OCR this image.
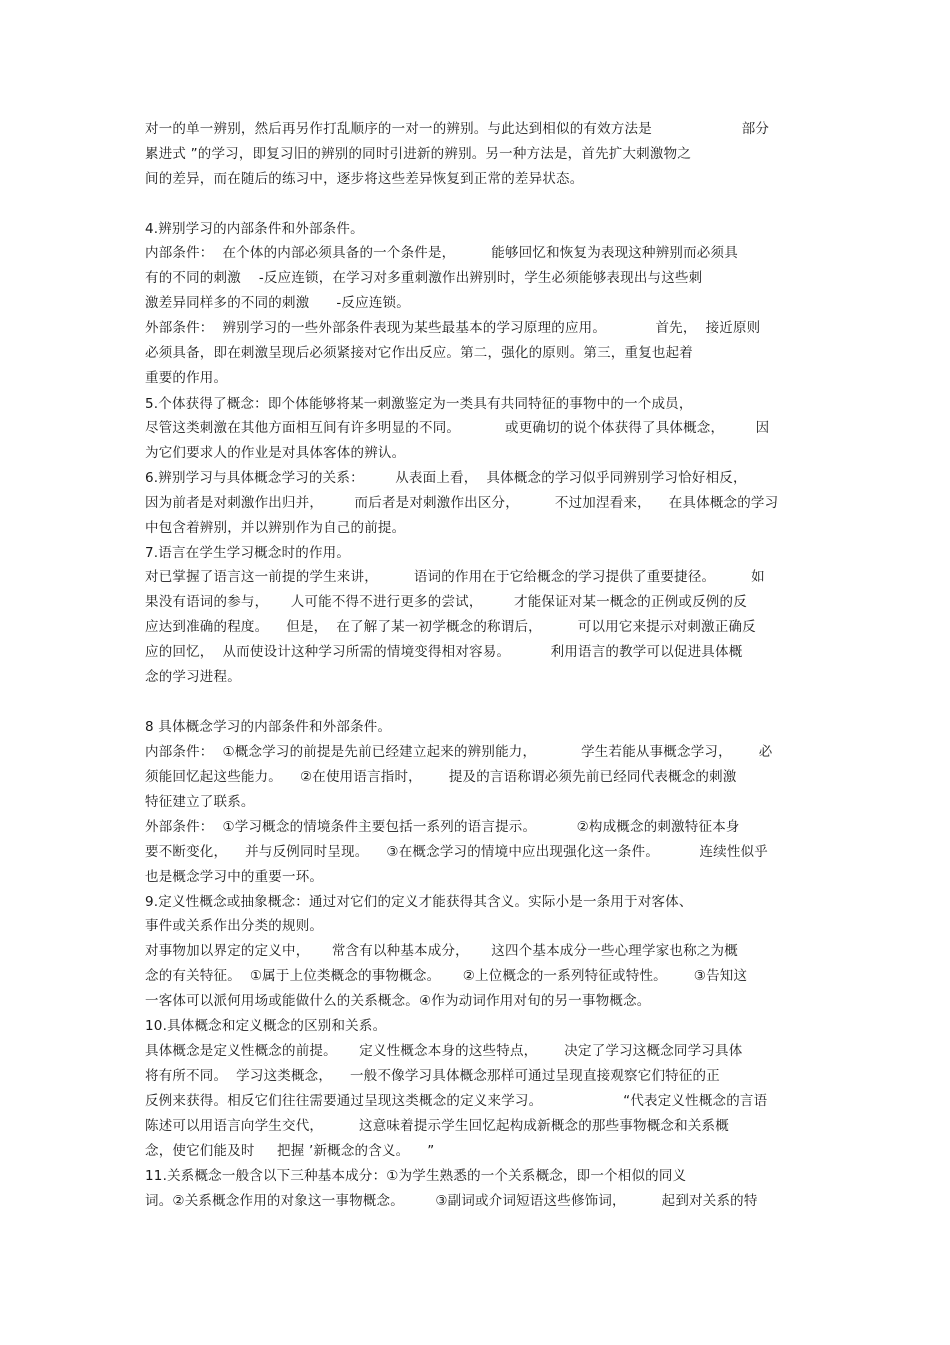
对一的单一辨别，然后再另作打乱顺序的一对一的辨别。与此达到相似的有效方法是                    部分
累进式 ”的学习，即复习旧的辨别的同时引进新的辨别。另一种方法是，首先扩大刺激物之
间的差异，而在随后的练习中，逐步将这些差异恢复到正常的差异状态。
4.辨别学习的内部条件和外部条件。
内部条件：  在个体的内部必须具备的一个条件是，        能够回忆和恢复为表现这种辨别而必须具
有的不同的刺激    -反应连锁，在学习对多重刺激作出辨别时，学生必须能够表现出与这些刺
激差异同样多的不同的刺激      -反应连锁。
外部条件：  辨别学习的一些外部条件表现为某些最基本的学习原理的应用。           首先，  接近原则
必须具备，即在刺激呈现后必须紧接对它作出反应。第二，强化的原则。第三，重复也起着
重要的作用。
5.个体获得了概念：即个体能够将某一刺激鉴定为一类具有共同特征的事物中的一个成员，
尽管这类刺激在其他方面相互间有许多明显的不同。          或更确切的说个体获得了具体概念，       因
为它们要求人的作业是对具体客体的辨认。
6.辨别学习与具体概念学习的关系：       从表面上看，  具体概念的学习似乎同辨别学习恰好相反，
因为前者是对刺激作出归并，       而后者是对刺激作出区分，        不过加涅看来，    在具体概念的学习
中包含着辨别，并以辨别作为自己的前提。
7.语言在学生学习概念时的作用。
对已掌握了语言这一前提的学生来讲，        语词的作用在于它给概念的学习提供了重要捷径。        如
果没有语词的参与，     人可能不得不进行更多的尝试，       才能保证对某一概念的正例或反例的反
应达到准确的程度。    但是，  在了解了某一初学概念的称谓后，        可以用它来提示对刺激正确反
应的回忆，  从而使设计这种学习所需的情境变得相对容易。         利用语言的教学可以促进具体概
念的学习进程。
8 具体概念学习的内部条件和外部条件。
内部条件：  ①概念学习的前提是先前已经建立起来的辨别能力，          学生若能从事概念学习，      必
须能回忆起这些能力。    ②在使用语言指时，      提及的言语称谓必须先前已经同代表概念的刺激
特征建立了联系。
外部条件：  ①学习概念的情境条件主要包括一系列的语言提示。         ②构成概念的刺激特征本身
要不断变化，    并与反例同时呈现。    ③在概念学习的情境中应出现强化这一条件。         连续性似乎
也是概念学习中的重要一环。
9.定义性概念或抽象概念：通过对它们的定义才能获得其含义。实际小是一条用于对客体、
事件或关系作出分类的规则。
对事物加以界定的定义中，     常含有以种基本成分，     这四个基本成分一些心理学家也称之为概
念的有关特征。  ①属于上位类概念的事物概念。     ②上位概念的一系列特征或特性。      ③告知这
一客体可以派何用场或能做什么的关系概念。④作为动词作用对旬的另一事物概念。
10.具体概念和定义概念的区别和关系。
具体概念是定义性概念的前提。     定义性概念本身的这些特点，      决定了学习这概念同学习具体
将有所不同。  学习这类概念，    一般不像学习具体概念那样可通过呈现直接观察它们特征的正
反例来获得。相反它们往往需要通过呈现这类概念的定义来学习。                  “代表定义性概念的言语
陈述可以用语言向学生交代，        这意味着提示学生回忆起构成新概念的那些事物概念和关系概
念，使它们能及时     把握 ’新概念的含义。    ”
11.关系概念一般含以下三种基本成分：①为学生熟悉的一个关系概念，即一个相似的同义
词。②关系概念作用的对象这一事物概念。       ③副词或介词短语这些修饰词，        起到对关系的特
